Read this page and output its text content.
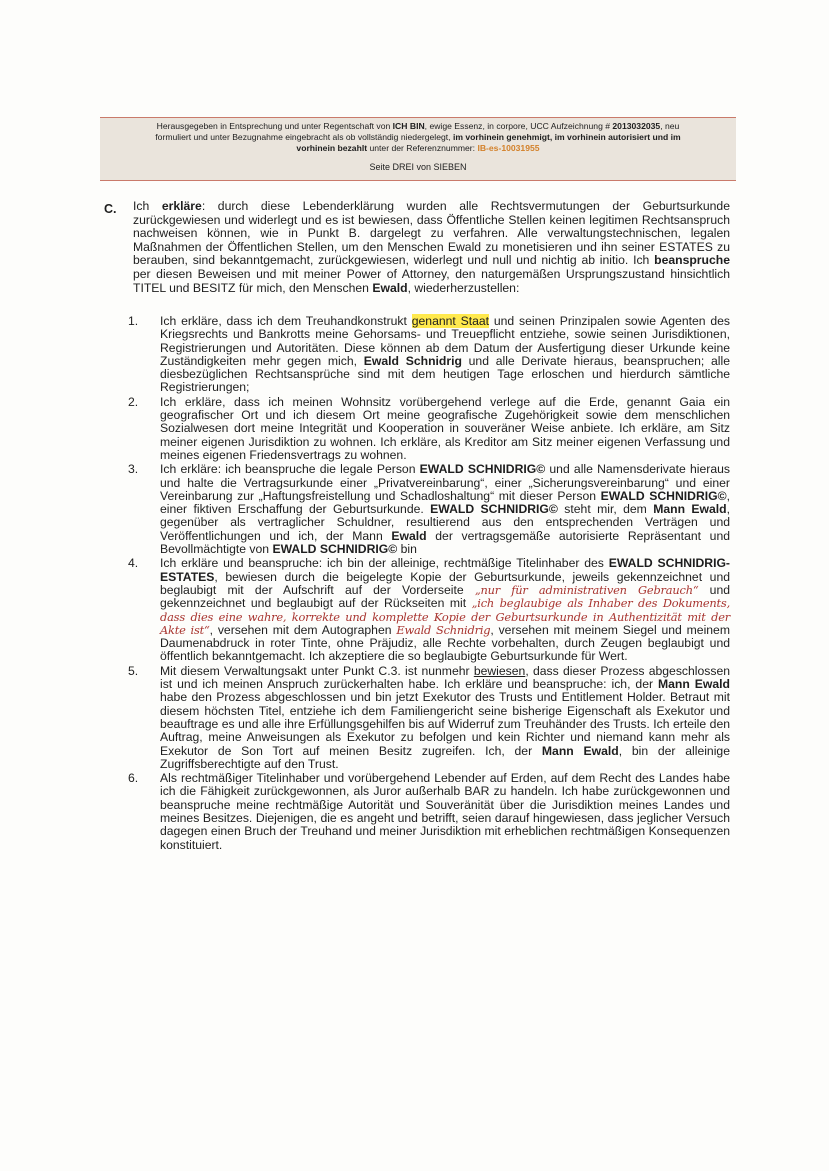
Herausgegeben in Entsprechung und unter Regentschaft von ICH BIN, ewige Essenz, in corpore, UCC Aufzeichnung # 2013032035, neu
formuliert und unter Bezugnahme eingebracht als ob vollständig niedergelegt, im vorhinein genehmigt, im vorhinein autorisiert und im
vorhinein bezahlt unter der Referenznummer: IB-es-10031955
Seite DREI von SIEBEN
C. Ich erkläre: durch diese Lebenderklärung wurden alle Rechtsvermutungen der Geburtsurkunde zurückgewiesen und widerlegt und es ist bewiesen, dass Öffentliche Stellen keinen legitimen Rechtsanspruch nachweisen können, wie in Punkt B. dargelegt zu verfahren. Alle verwaltungstechnischen, legalen Maßnahmen der Öffentlichen Stellen, um den Menschen Ewald zu monetisieren und ihn seiner ESTATES zu berauben, sind bekanntgemacht, zurückgewiesen, widerlegt und null und nichtig ab initio. Ich beanspruche per diesen Beweisen und mit meiner Power of Attorney, den naturgemäßen Ursprungszustand hinsichtlich TITEL und BESITZ für mich, den Menschen Ewald, wiederherzustellen:
1. Ich erkläre, dass ich dem Treuhandkonstrukt genannt Staat und seinen Prinzipalen sowie Agenten des Kriegsrechts und Bankrotts meine Gehorsams- und Treuepflicht entziehe, sowie seinen Jurisdiktionen, Registrierungen und Autoritäten. Diese können ab dem Datum der Ausfertigung dieser Urkunde keine Zuständigkeiten mehr gegen mich, Ewald Schnidrig und alle Derivate hieraus, beanspruchen; alle diesbezüglichen Rechtsansprüche sind mit dem heutigen Tage erloschen und hierdurch sämtliche Registrierungen;
2. Ich erkläre, dass ich meinen Wohnsitz vorübergehend verlege auf die Erde, genannt Gaia ein geografischer Ort und ich diesem Ort meine geografische Zugehörigkeit sowie dem menschlichen Sozialwesen dort meine Integrität und Kooperation in souveräner Weise anbiete. Ich erkläre, am Sitz meiner eigenen Jurisdiktion zu wohnen. Ich erkläre, als Kreditor am Sitz meiner eigenen Verfassung und meines eigenen Friedensvertrags zu wohnen.
3. Ich erkläre: ich beanspruche die legale Person EWALD SCHNIDRIG© und alle Namensderivate hieraus und halte die Vertragsurkunde einer „Privatvereinbarung“, einer „Sicherungsvereinbarung“ und einer Vereinbarung zur „Haftungsfreistellung und Schadloshaltung“ mit dieser Person EWALD SCHNIDRIG©, einer fiktiven Erschaffung der Geburtsurkunde. EWALD SCHNIDRIG© steht mir, dem Mann Ewald, gegenüber als vertraglicher Schuldner, resultierend aus den entsprechenden Verträgen und Veröffentlichungen und ich, der Mann Ewald der vertragsgemäße autorisierte Repräsentant und Bevollmächtigte von EWALD SCHNIDRIG© bin
4. Ich erkläre und beanspruche: ich bin der alleinige, rechtmäßige Titelinhaber des EWALD SCHNIDRIG-ESTATES, bewiesen durch die beigelegte Kopie der Geburtsurkunde, jeweils gekennzeichnet und beglaubigt mit der Aufschrift auf der Vorderseite „nur für administrativen Gebrauch“ und gekennzeichnet und beglaubigt auf der Rückseiten mit „ich beglaubige als Inhaber des Dokuments, dass dies eine wahre, korrekte und komplette Kopie der Geburtsurkunde in Authentizität mit der Akte ist“, versehen mit dem Autographen Ewald Schnidrig, versehen mit meinem Siegel und meinem Daumenabdruck in roter Tinte, ohne Präjudiz, alle Rechte vorbehalten, durch Zeugen beglaubigt und öffentlich bekanntgemacht. Ich akzeptiere die so beglaubigte Geburtsurkunde für Wert.
5. Mit diesem Verwaltungsakt unter Punkt C.3. ist nunmehr bewiesen, dass dieser Prozess abgeschlossen ist und ich meinen Anspruch zurückerhalten habe. Ich erkläre und beanspruche: ich, der Mann Ewald habe den Prozess abgeschlossen und bin jetzt Exekutor des Trusts und Entitlement Holder. Betraut mit diesem höchsten Titel, entziehe ich dem Familiengericht seine bisherige Eigenschaft als Exekutor und beauftrage es und alle ihre Erfüllungsgehilfen bis auf Widerruf zum Treuhänder des Trusts. Ich erteile den Auftrag, meine Anweisungen als Exekutor zu befolgen und kein Richter und niemand kann mehr als Exekutor de Son Tort auf meinen Besitz zugreifen. Ich, der Mann Ewald, bin der alleinige Zugriffsberechtigte auf den Trust.
6. Als rechtmäßiger Titelinhaber und vorübergehend Lebender auf Erden, auf dem Recht des Landes habe ich die Fähigkeit zurückgewonnen, als Juror außerhalb BAR zu handeln. Ich habe zurückgewonnen und beanspruche meine rechtmäßige Autorität und Souveränität über die Jurisdiktion meines Landes und meines Besitzes. Diejenigen, die es angeht und betrifft, seien darauf hingewiesen, dass jeglicher Versuch dagegen einen Bruch der Treuhand und meiner Jurisdiktion mit erheblichen rechtmäßigen Konsequenzen konstituiert.
